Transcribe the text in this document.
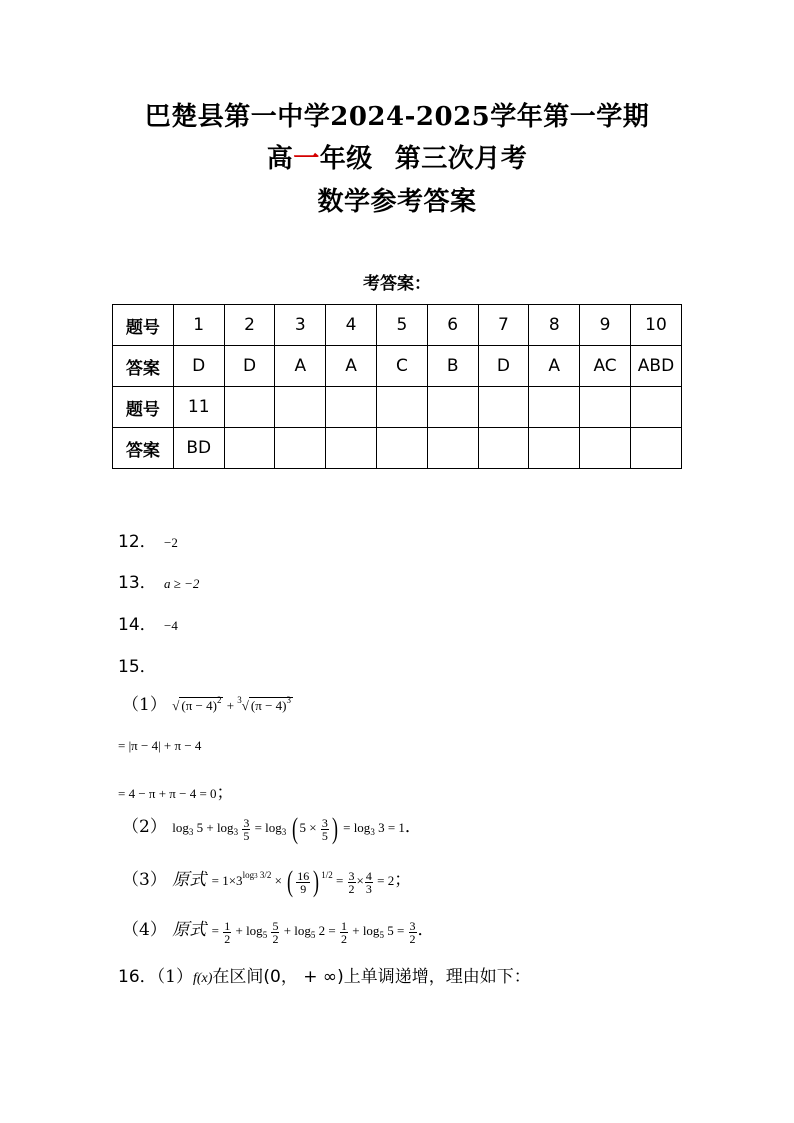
巴楚县第一中学2024-2025学年第一学期
高一年级 第三次月考
数学参考答案
考答案：
题号	1	2	3	4	5	6	7	8	9	10
答案	D	D	A	A	C	B	D	A	AC	ABD
题号	11									
答案	BD									
12． −2
13． a ≥ −2
14． −4
15．
（1） √ $(\pi - 4)^2 + ^3√$ $(\pi - 4)^3$
= |π − 4| + π − 4
= 4 − π + π − 4 = 0；
（2） $\log_3 5 + \log_3 \frac{3}{5} = \log_3$ ( $5 \times \frac{3}{5}$ ) = $\log_3 3 = 1$．
（3） 原式 = $1\times 3^{log3 3/2}$ × ( $\frac{16}{9}$ ) $^{1/2} = \frac{3}{2} \times \frac{4}{3} = 2$；
（4） 原式 = $\frac{1}{2} + \log_5 \frac{5}{2} + \log_5 2 = \frac{1}{2} + \log_5 5 = \frac{3}{2}$ ．
16．（1）f(x)在区间(0， + ∞)上单调递增，理由如下：
